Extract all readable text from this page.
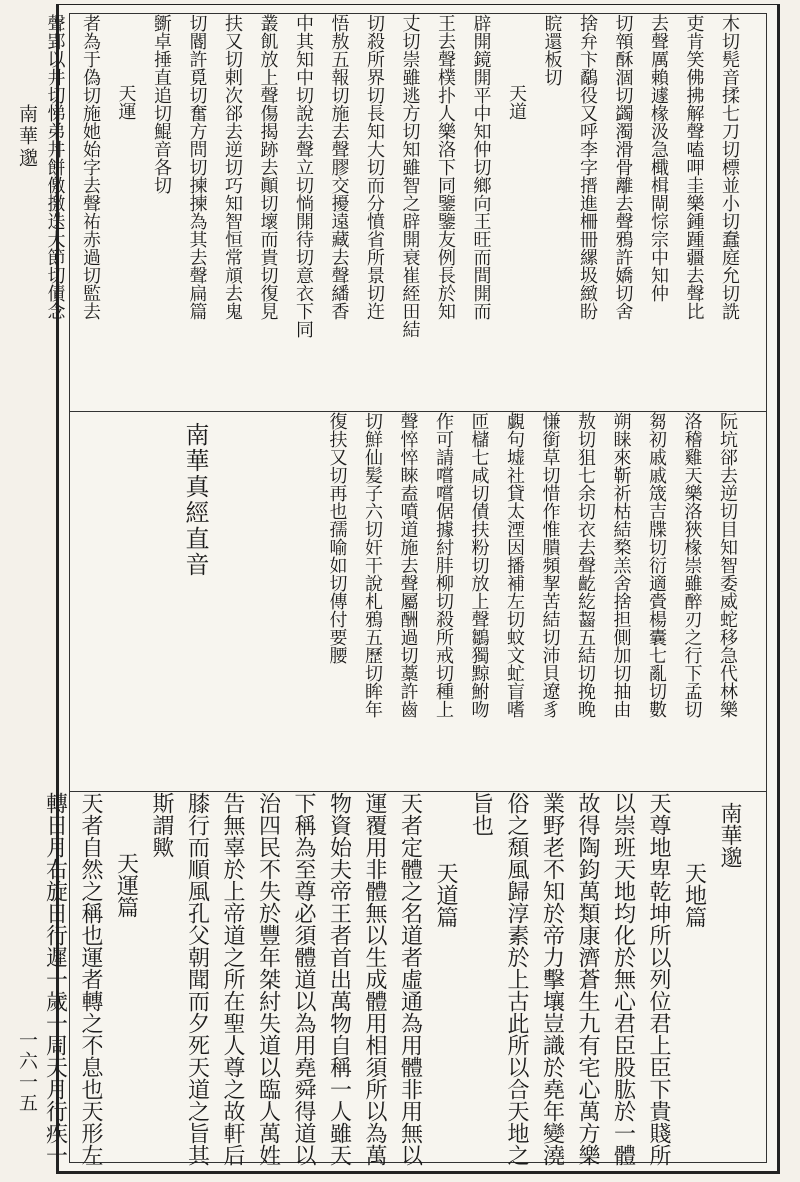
南華邈
一六一五
木切髡音揉七刀切標並小切蠢庭允切詵
吏肯笑佛拂解聲嗑呷圭樂鍾踵疆去聲比
去聲厲賴遽椽汲急檝楫閘悰宗中知仲
切顇酥涸切蠲濁滑骨離去聲鴉許嬌切舍
捨弁卞鷸役又呼李字搢進柵冊縲圾緻盼
睆還板切
天道
辟開鏡開平中知仲切鄉向王旺而間開而
王去聲樸扑人樂洛下同鑒鑒友例長於知
丈切崇雖逃方切知雖智之辟開衰崔絰田結
切殺所界切長知大切而分憤省所景切迕
悟敖五報切施去聲膠交擾遠藏去聲繙香
中其知中切說去聲立切惝開待切意衣下同
叢飢放上聲傷揭跡去顚切壞而貴切復見
扶又切剌次郤去逆切巧知智恒常頏去鬼
切閽許覓切奮方問切揀揀為其去聲扁篇
斵卓捶直追切鯤音各切
天運
者為于偽切施她始字去聲祐赤過切監去
聲郢以井切悌弟丼餅儌撽迭大節切債念
阮坑郤去逆切目知智委威蛇移急代林樂
洛稽雞天樂洛狹椽崇雖醉刃之行下孟切
芻初戚戚筬吉牒切衍適賫楊囊七亂切數
朔睐來靳祈枯結楘羔舍捨担側加切抽由
敖切狙七余切衣去聲齕紇齧五結切挽晚
慊銜草切惜作惟膭頻挈苦結切沛貝遼豸
覷句墟社貸太湮因播補左切蚊文虻盲嗜
匝櫧七咸切債扶粉切放上聲鶵獨黥鮒吻
作可請嚐嚐倨據紂肨柳切殺所戒切種上
聲悴悴睞盍噴道施去聲屬酬過切藁許齒
切鮮仙髪子六切奸干說札鴉五歷切眸年
復扶又切再也孺喻如切傳付要腰
南華真經直音
南華邈
天地篇
天尊地卑乾坤所以列位君上臣下貴賤所
以崇班天地均化於無心君臣股肱於一體
故得陶鈞萬類康濟蒼生九有宅心萬方樂
業野老不知於帝力擊壤豈識於堯年變澆
俗之頹風歸淳素於上古此所以合天地之
旨也
天道篇
天者定體之名道者虛通為用體非用無以
運覆用非體無以生成體用相須所以為萬
物資始夫帝王者首出萬物自稱一人雖天
下稱為至尊必須體道以為用堯舜得道以
治四民不失於豐年桀紂失道以臨人萬姓
告無辜於上帝道之所在聖人尊之故軒后
膝行而順風孔父朝聞而夕死天道之旨其
斯謂歟
天運篇
天者自然之稱也運者轉之不息也天形左
轉日月右旋日行遲一歲一周天月行疾一
